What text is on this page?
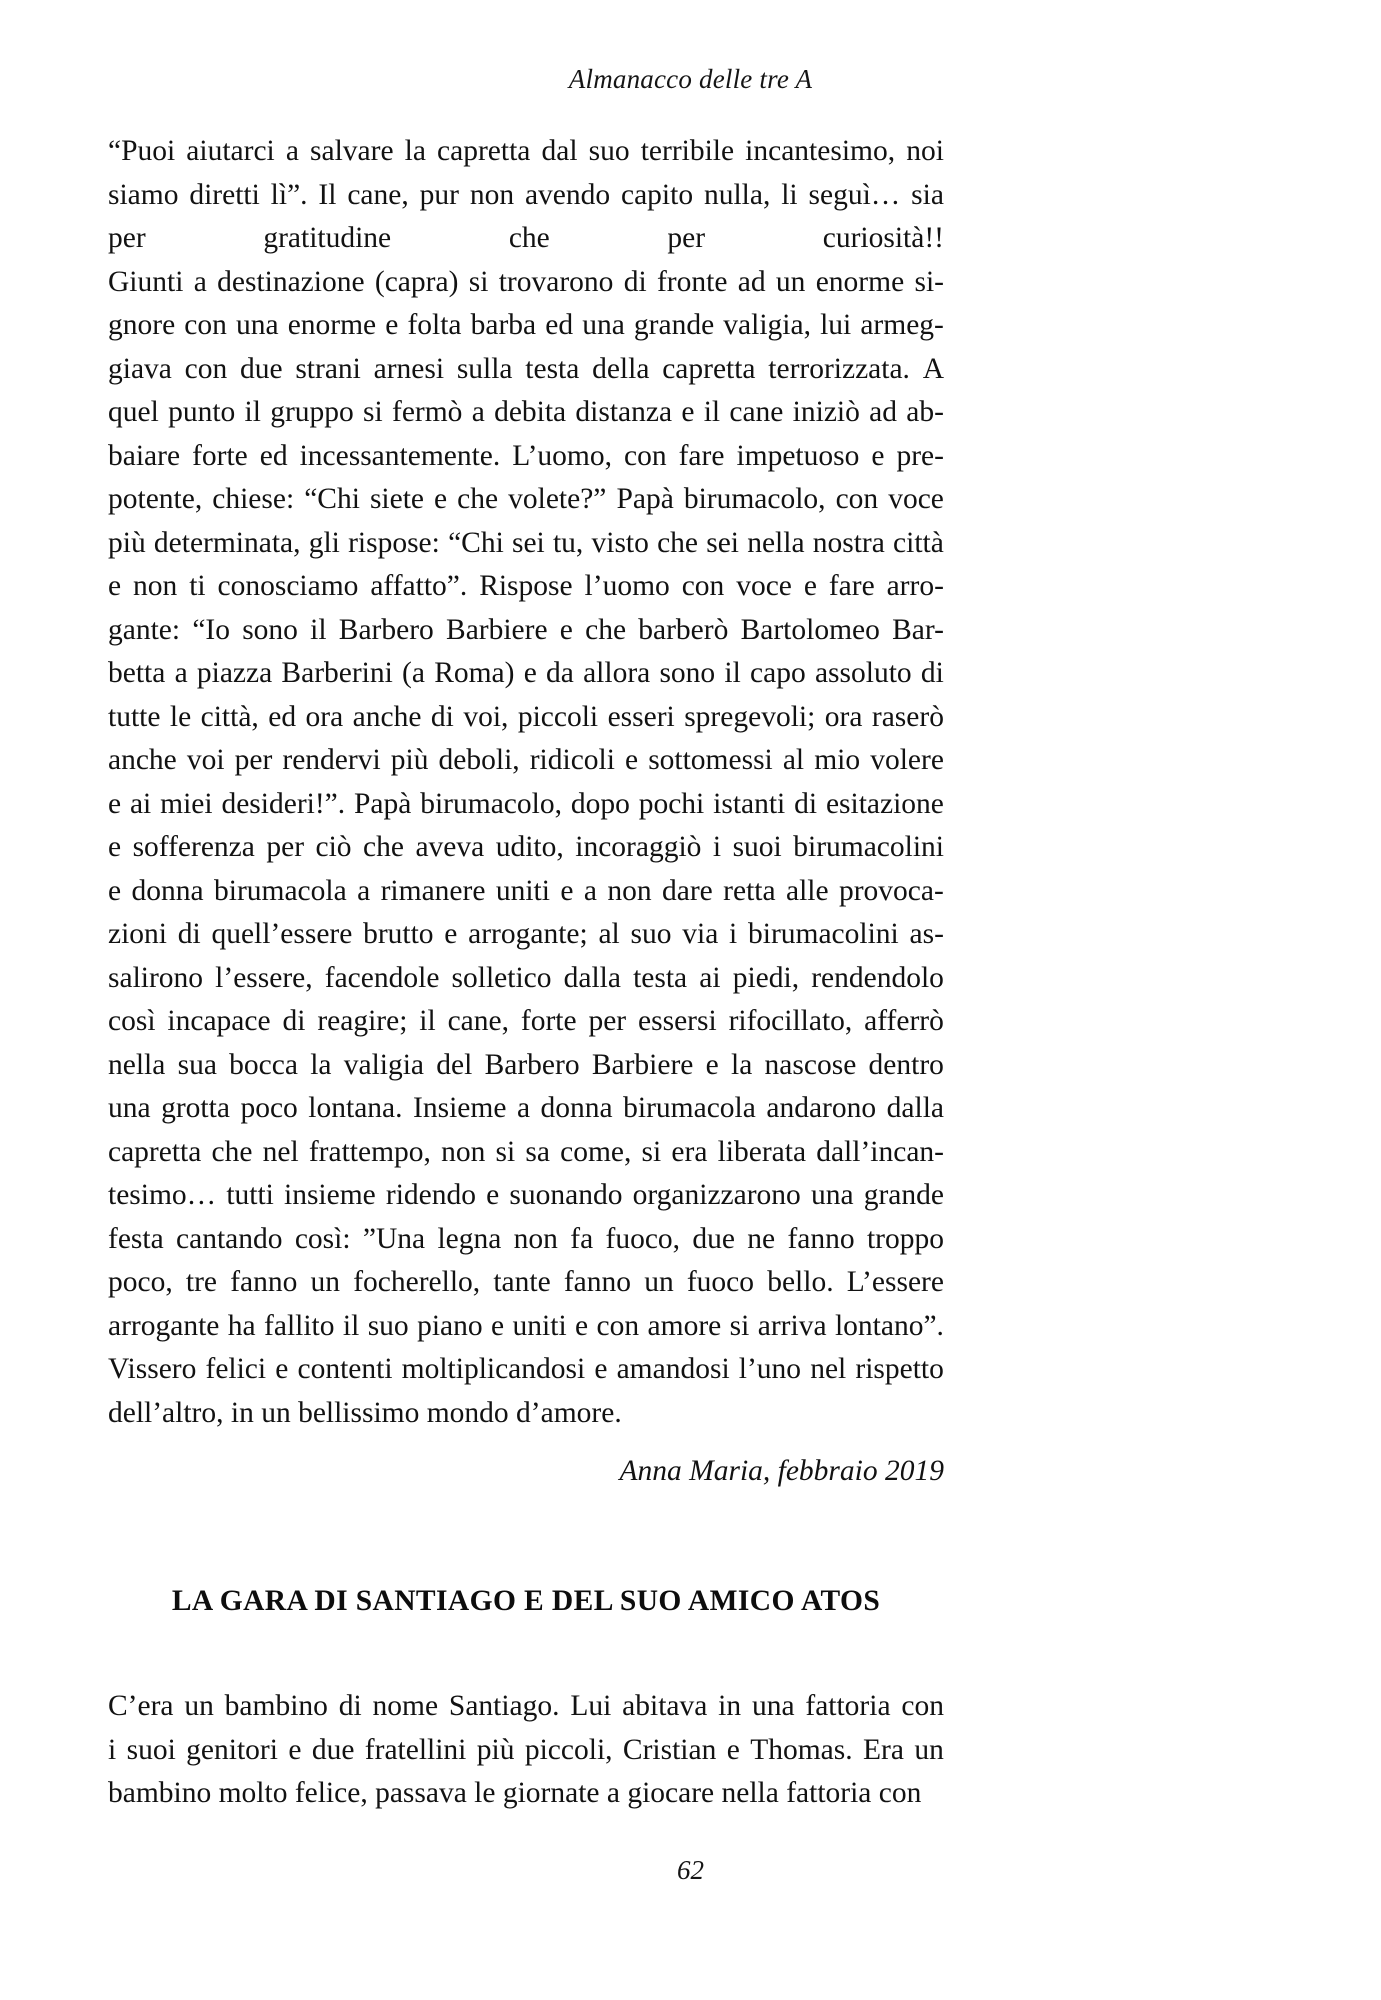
Almanacco delle tre A

“Puoi aiutarci a salvare la capretta dal suo terribile incantesimo, noi
siamo diretti lì”. Il cane, pur non avendo capito nulla, li seguì… sia
per	gratitudine	che	per	curiosità!!
Giunti a destinazione (capra) si trovarono di fronte ad un enorme si-
gnore con una enorme e folta barba ed una grande valigia, lui armeg-
giava con due strani arnesi sulla testa della capretta terrorizzata. A
quel punto il gruppo si fermò a debita distanza e il cane iniziò ad ab-
baiare forte ed incessantemente. L’uomo, con fare impetuoso e pre-
potente, chiese: “Chi siete e che volete?” Papà birumacolo, con voce
più determinata, gli rispose: “Chi sei tu, visto che sei nella nostra città
e non ti conosciamo affatto”. Rispose l’uomo con voce e fare arro-
gante: “Io sono il Barbero Barbiere e che barberò Bartolomeo Bar-
betta a piazza Barberini (a Roma) e da allora sono il capo assoluto di
tutte le città, ed ora anche di voi, piccoli esseri spregevoli; ora raserò
anche voi per rendervi più deboli, ridicoli e sottomessi al mio volere
e ai miei desideri!”. Papà birumacolo, dopo pochi istanti di esitazione
e sofferenza per ciò che aveva udito, incoraggiò i suoi birumacolini
e donna birumacola a rimanere uniti e a non dare retta alle provoca-
zioni di quell’essere brutto e arrogante; al suo via i birumacolini as-
salirono l’essere, facendole solletico dalla testa ai piedi, rendendolo
così incapace di reagire; il cane, forte per essersi rifocillato, afferrò
nella sua bocca la valigia del Barbero Barbiere e la nascose dentro
una grotta poco lontana. Insieme a donna birumacola andarono dalla
capretta che nel frattempo, non si sa come, si era liberata dall’incan-
tesimo… tutti insieme ridendo e suonando organizzarono una grande
festa cantando così: ”Una legna non fa fuoco, due ne fanno troppo
poco, tre fanno un focherello, tante fanno un fuoco bello. L’essere
arrogante ha fallito il suo piano e uniti e con amore si arriva lontano”.
Vissero felici e contenti moltiplicandosi e amandosi l’uno nel rispetto
dell’altro, in un bellissimo mondo d’amore.

Anna Maria, febbraio 2019
LA GARA DI SANTIAGO E DEL SUO AMICO ATOS

C’era un bambino di nome Santiago. Lui abitava in una fattoria con
i suoi genitori e due fratellini più piccoli, Cristian e Thomas. Era un
bambino molto felice, passava le giornate a giocare nella fattoria con

62
